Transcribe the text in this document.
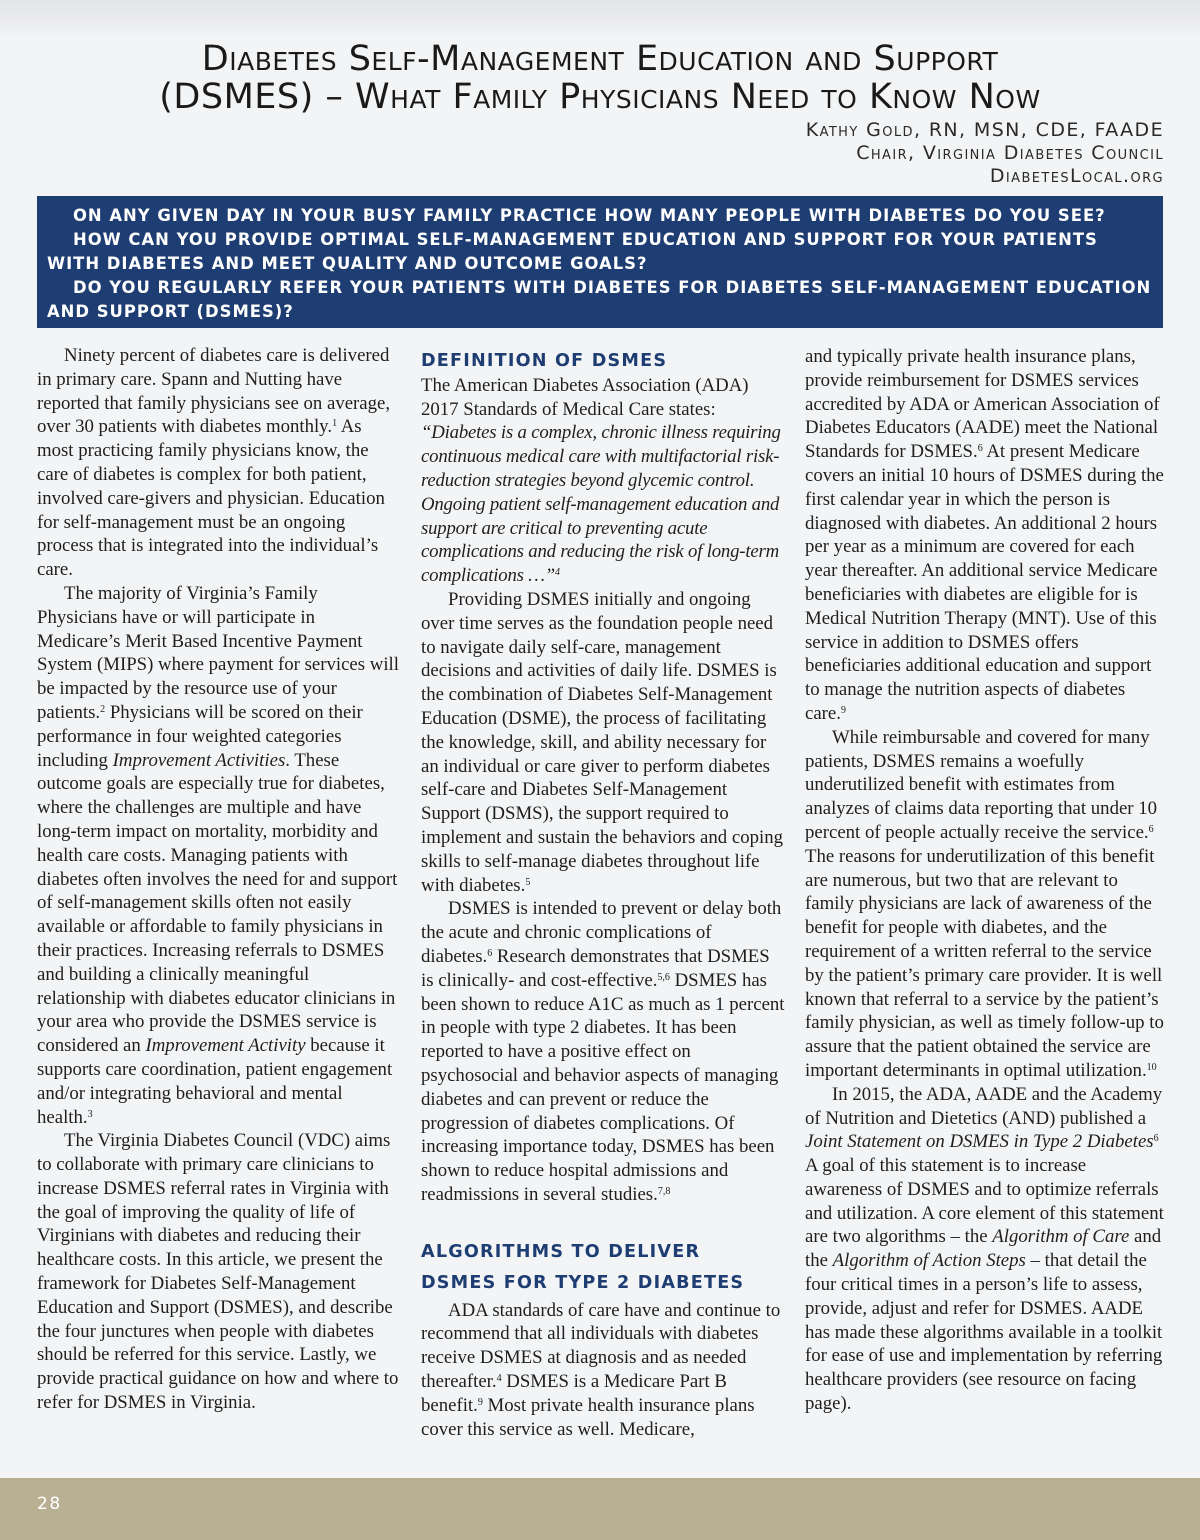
Diabetes Self-Management Education and Support
(DSMES) – What Family Physicians Need to Know Now
Kathy Gold, RN, MSN, CDE, FAADE
Chair, Virginia Diabetes Council
DiabetesLocal.org

ON ANY GIVEN DAY IN YOUR BUSY FAMILY PRACTICE HOW MANY PEOPLE WITH DIABETES DO YOU SEE?

HOW CAN YOU PROVIDE OPTIMAL SELF-MANAGEMENT EDUCATION AND SUPPORT FOR YOUR PATIENTS WITH DIABETES AND MEET QUALITY AND OUTCOME GOALS?

DO YOU REGULARLY REFER YOUR PATIENTS WITH DIABETES FOR DIABETES SELF-MANAGEMENT EDUCATION AND SUPPORT (DSMES)?

Ninety percent of diabetes care is delivered in primary care. Spann and Nutting have reported that family physicians see on average, over 30 patients with diabetes monthly.$^1$ As most practicing family physicians know, the care of diabetes is complex for both patient, involved care-givers and physician. Education for self-management must be an ongoing process that is integrated into the individual’s care.

The majority of Virginia’s Family Physicians have or will participate in Medicare’s Merit Based Incentive Payment System (MIPS) where payment for services will be impacted by the resource use of your patients.$^2$ Physicians will be scored on their performance in four weighted categories including Improvement Activities. These outcome goals are especially true for diabetes, where the challenges are multiple and have long-term impact on mortality, morbidity and health care costs. Managing patients with diabetes often involves the need for and support of self-management skills often not easily available or affordable to family physicians in their practices. Increasing referrals to DSMES and building a clinically meaningful relationship with diabetes educator clinicians in your area who provide the DSMES service is considered an Improvement Activity because it supports care coordination, patient engagement and/or integrating behavioral and mental health.$^3$

The Virginia Diabetes Council (VDC) aims to collaborate with primary care clinicians to increase DSMES referral rates in Virginia with the goal of improving the quality of life of Virginians with diabetes and reducing their healthcare costs. In this article, we present the framework for Diabetes Self-Management Education and Support (DSMES), and describe the four junctures when people with diabetes should be referred for this service. Lastly, we provide practical guidance on how and where to refer for DSMES in Virginia.

DEFINITION OF DSMES

The American Diabetes Association (ADA) 2017 Standards of Medical Care states:

“Diabetes is a complex, chronic illness requiring continuous medical care with multifactorial risk-reduction strategies beyond glycemic control. Ongoing patient self-management education and support are critical to preventing acute complications and reducing the risk of long-term complications …”$^4$

Providing DSMES initially and ongoing over time serves as the foundation people need to navigate daily self-care, management decisions and activities of daily life. DSMES is the combination of Diabetes Self-Management Education (DSME), the process of facilitating the knowledge, skill, and ability necessary for an individual or care giver to perform diabetes self-care and Diabetes Self-Management Support (DSMS), the support required to implement and sustain the behaviors and coping skills to self-manage diabetes throughout life with diabetes.$^5$

DSMES is intended to prevent or delay both the acute and chronic complications of diabetes.$^6$ Research demonstrates that DSMES is clinically- and cost-effective.$^{5,6}$ DSMES has been shown to reduce A1C as much as 1 percent in people with type 2 diabetes. It has been reported to have a positive effect on psychosocial and behavior aspects of managing diabetes and can prevent or reduce the progression of diabetes complications. Of increasing importance today, DSMES has been shown to reduce hospital admissions and readmissions in several studies.$^{7,8}$

ALGORITHMS TO DELIVER
DSMES FOR TYPE 2 DIABETES

ADA standards of care have and continue to recommend that all individuals with diabetes receive DSMES at diagnosis and as needed thereafter.$^4$ DSMES is a Medicare Part B benefit.$^9$ Most private health insurance plans cover this service as well. Medicare,

and typically private health insurance plans, provide reimbursement for DSMES services accredited by ADA or American Association of Diabetes Educators (AADE) meet the National Standards for DSMES.$^6$ At present Medicare covers an initial 10 hours of DSMES during the first calendar year in which the person is diagnosed with diabetes. An additional 2 hours per year as a minimum are covered for each year thereafter. An additional service Medicare beneficiaries with diabetes are eligible for is Medical Nutrition Therapy (MNT). Use of this service in addition to DSMES offers beneficiaries additional education and support to manage the nutrition aspects of diabetes care.$^9$

While reimbursable and covered for many patients, DSMES remains a woefully underutilized benefit with estimates from analyzes of claims data reporting that under 10 percent of people actually receive the service.$^6$ The reasons for underutilization of this benefit are numerous, but two that are relevant to family physicians are lack of awareness of the benefit for people with diabetes, and the requirement of a written referral to the service by the patient’s primary care provider. It is well known that referral to a service by the patient’s family physician, as well as timely follow-up to assure that the patient obtained the service are important determinants in optimal utilization.$^{10}$

In 2015, the ADA, AADE and the Academy of Nutrition and Dietetics (AND) published a Joint Statement on DSMES in Type 2 Diabetes$^6$ A goal of this statement is to increase awareness of DSMES and to optimize referrals and utilization. A core element of this statement are two algorithms – the Algorithm of Care and the Algorithm of Action Steps – that detail the four critical times in a person’s life to assess, provide, adjust and refer for DSMES. AADE has made these algorithms available in a toolkit for ease of use and implementation by referring healthcare providers (see resource on facing page).

28
